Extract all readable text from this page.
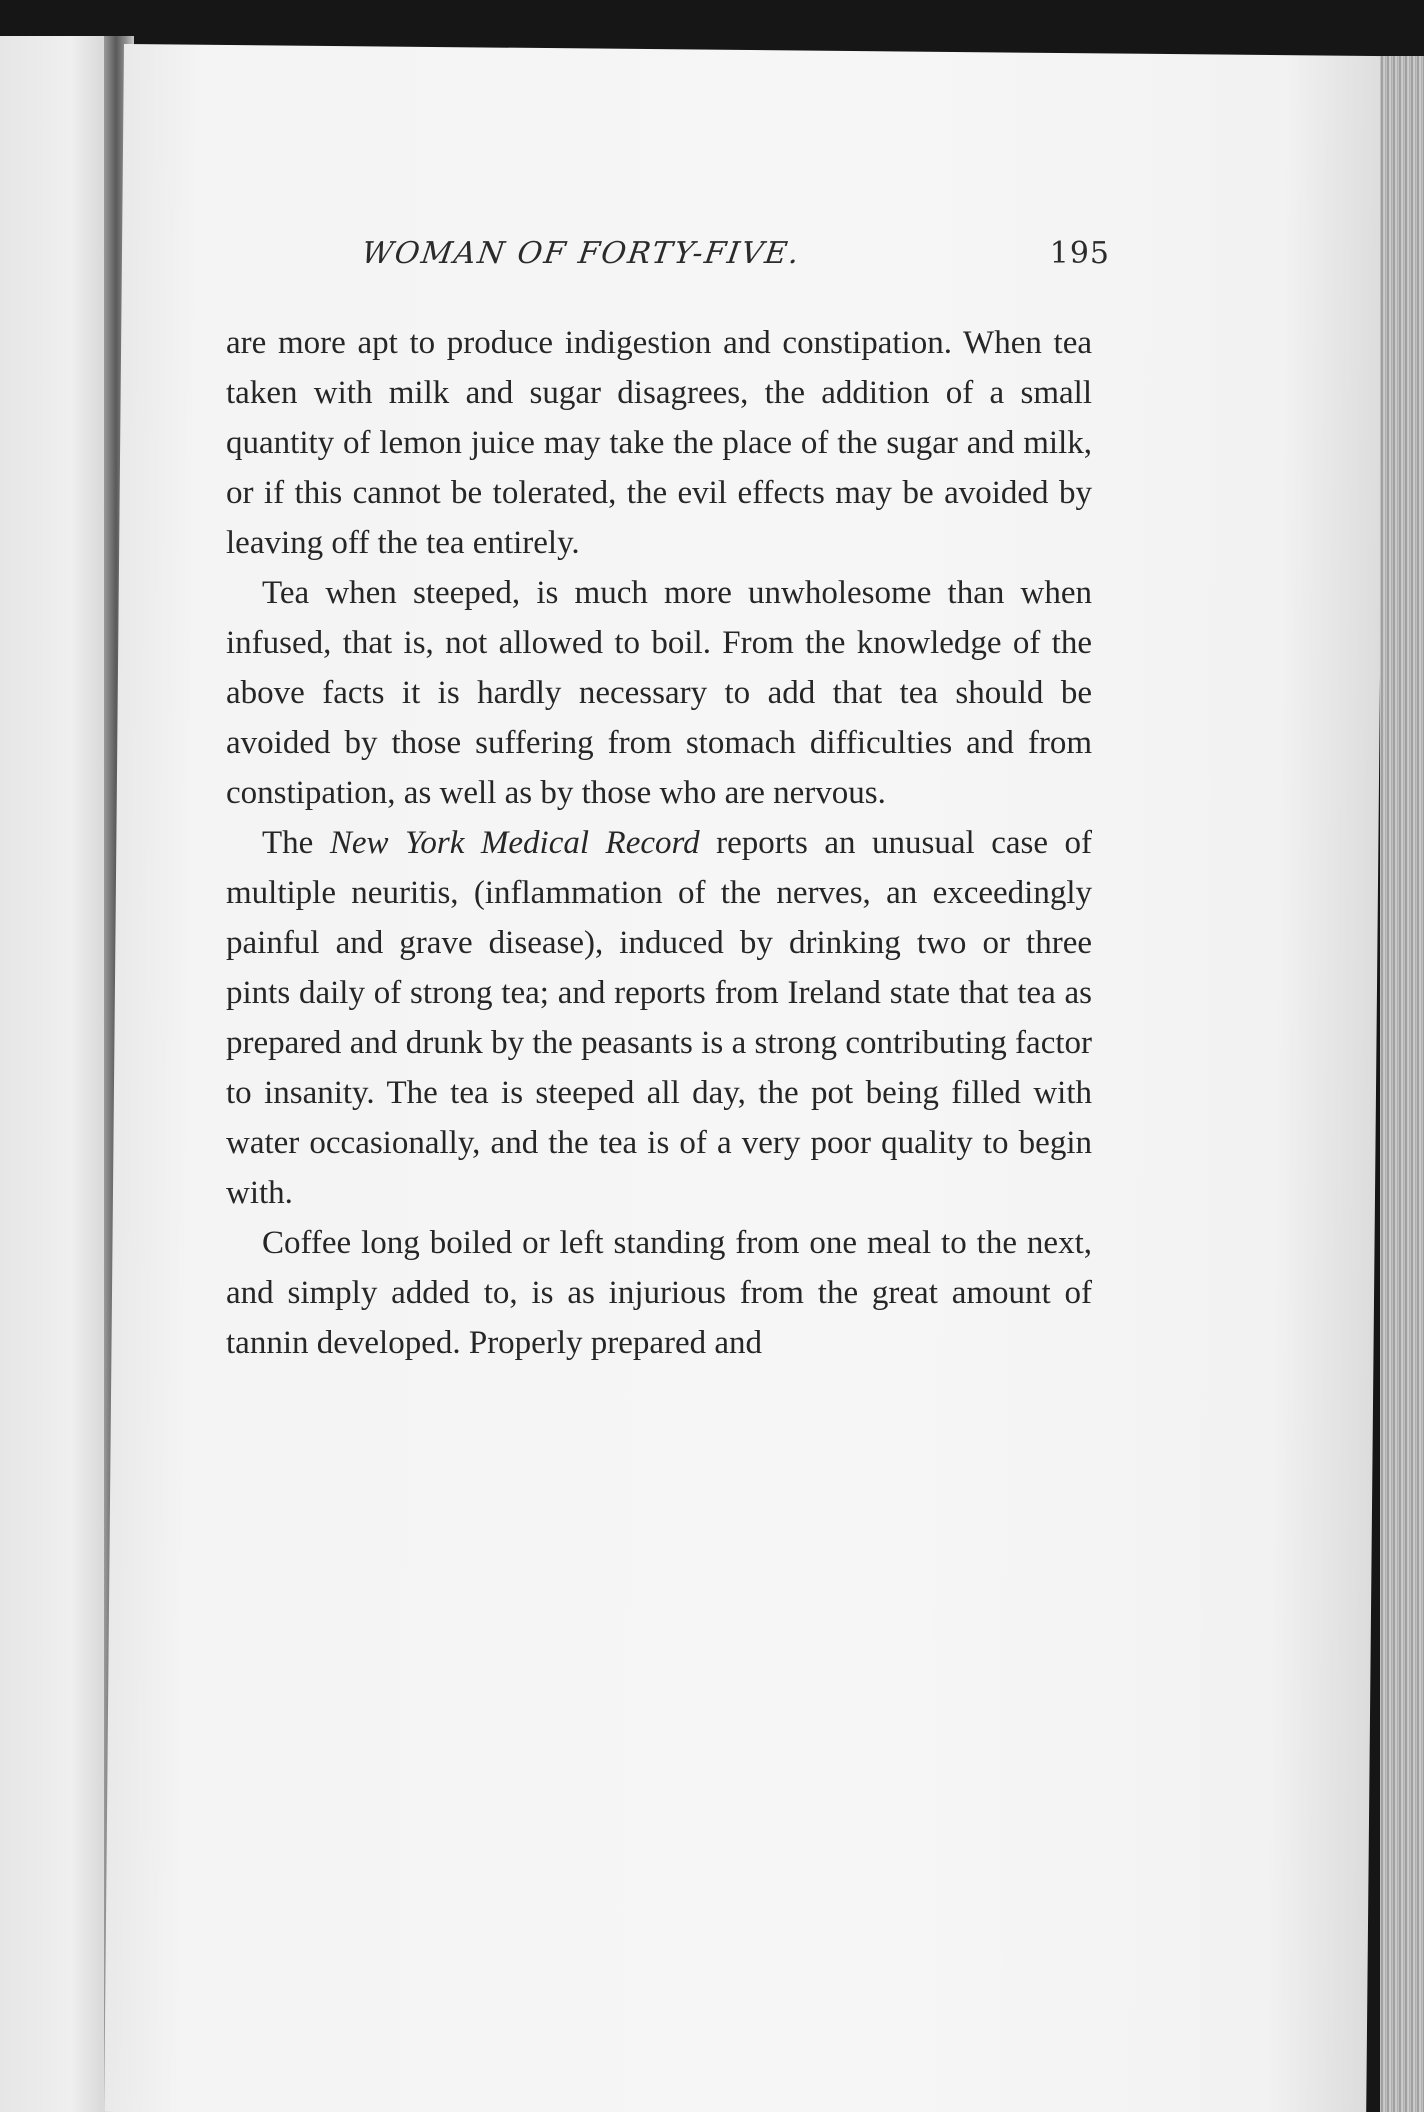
WOMAN OF FORTY-FIVE.	195

are more apt to produce indigestion and constipation. When tea taken with milk and sugar disagrees, the addition of a small quantity of lemon juice may take the place of the sugar and milk, or if this cannot be tolerated, the evil effects may be avoided by leaving off the tea entirely.

Tea when steeped, is much more unwholesome than when infused, that is, not allowed to boil. From the knowledge of the above facts it is hardly necessary to add that tea should be avoided by those suffering from stomach difficulties and from constipation, as well as by those who are nervous.

The New York Medical Record reports an unusual case of multiple neuritis, (inflammation of the nerves, an exceedingly painful and grave disease), induced by drinking two or three pints daily of strong tea; and reports from Ireland state that tea as prepared and drunk by the peasants is a strong contributing factor to insanity. The tea is steeped all day, the pot being filled with water occasionally, and the tea is of a very poor quality to begin with.

Coffee long boiled or left standing from one meal to the next, and simply added to, is as injurious from the great amount of tannin developed. Properly prepared and
